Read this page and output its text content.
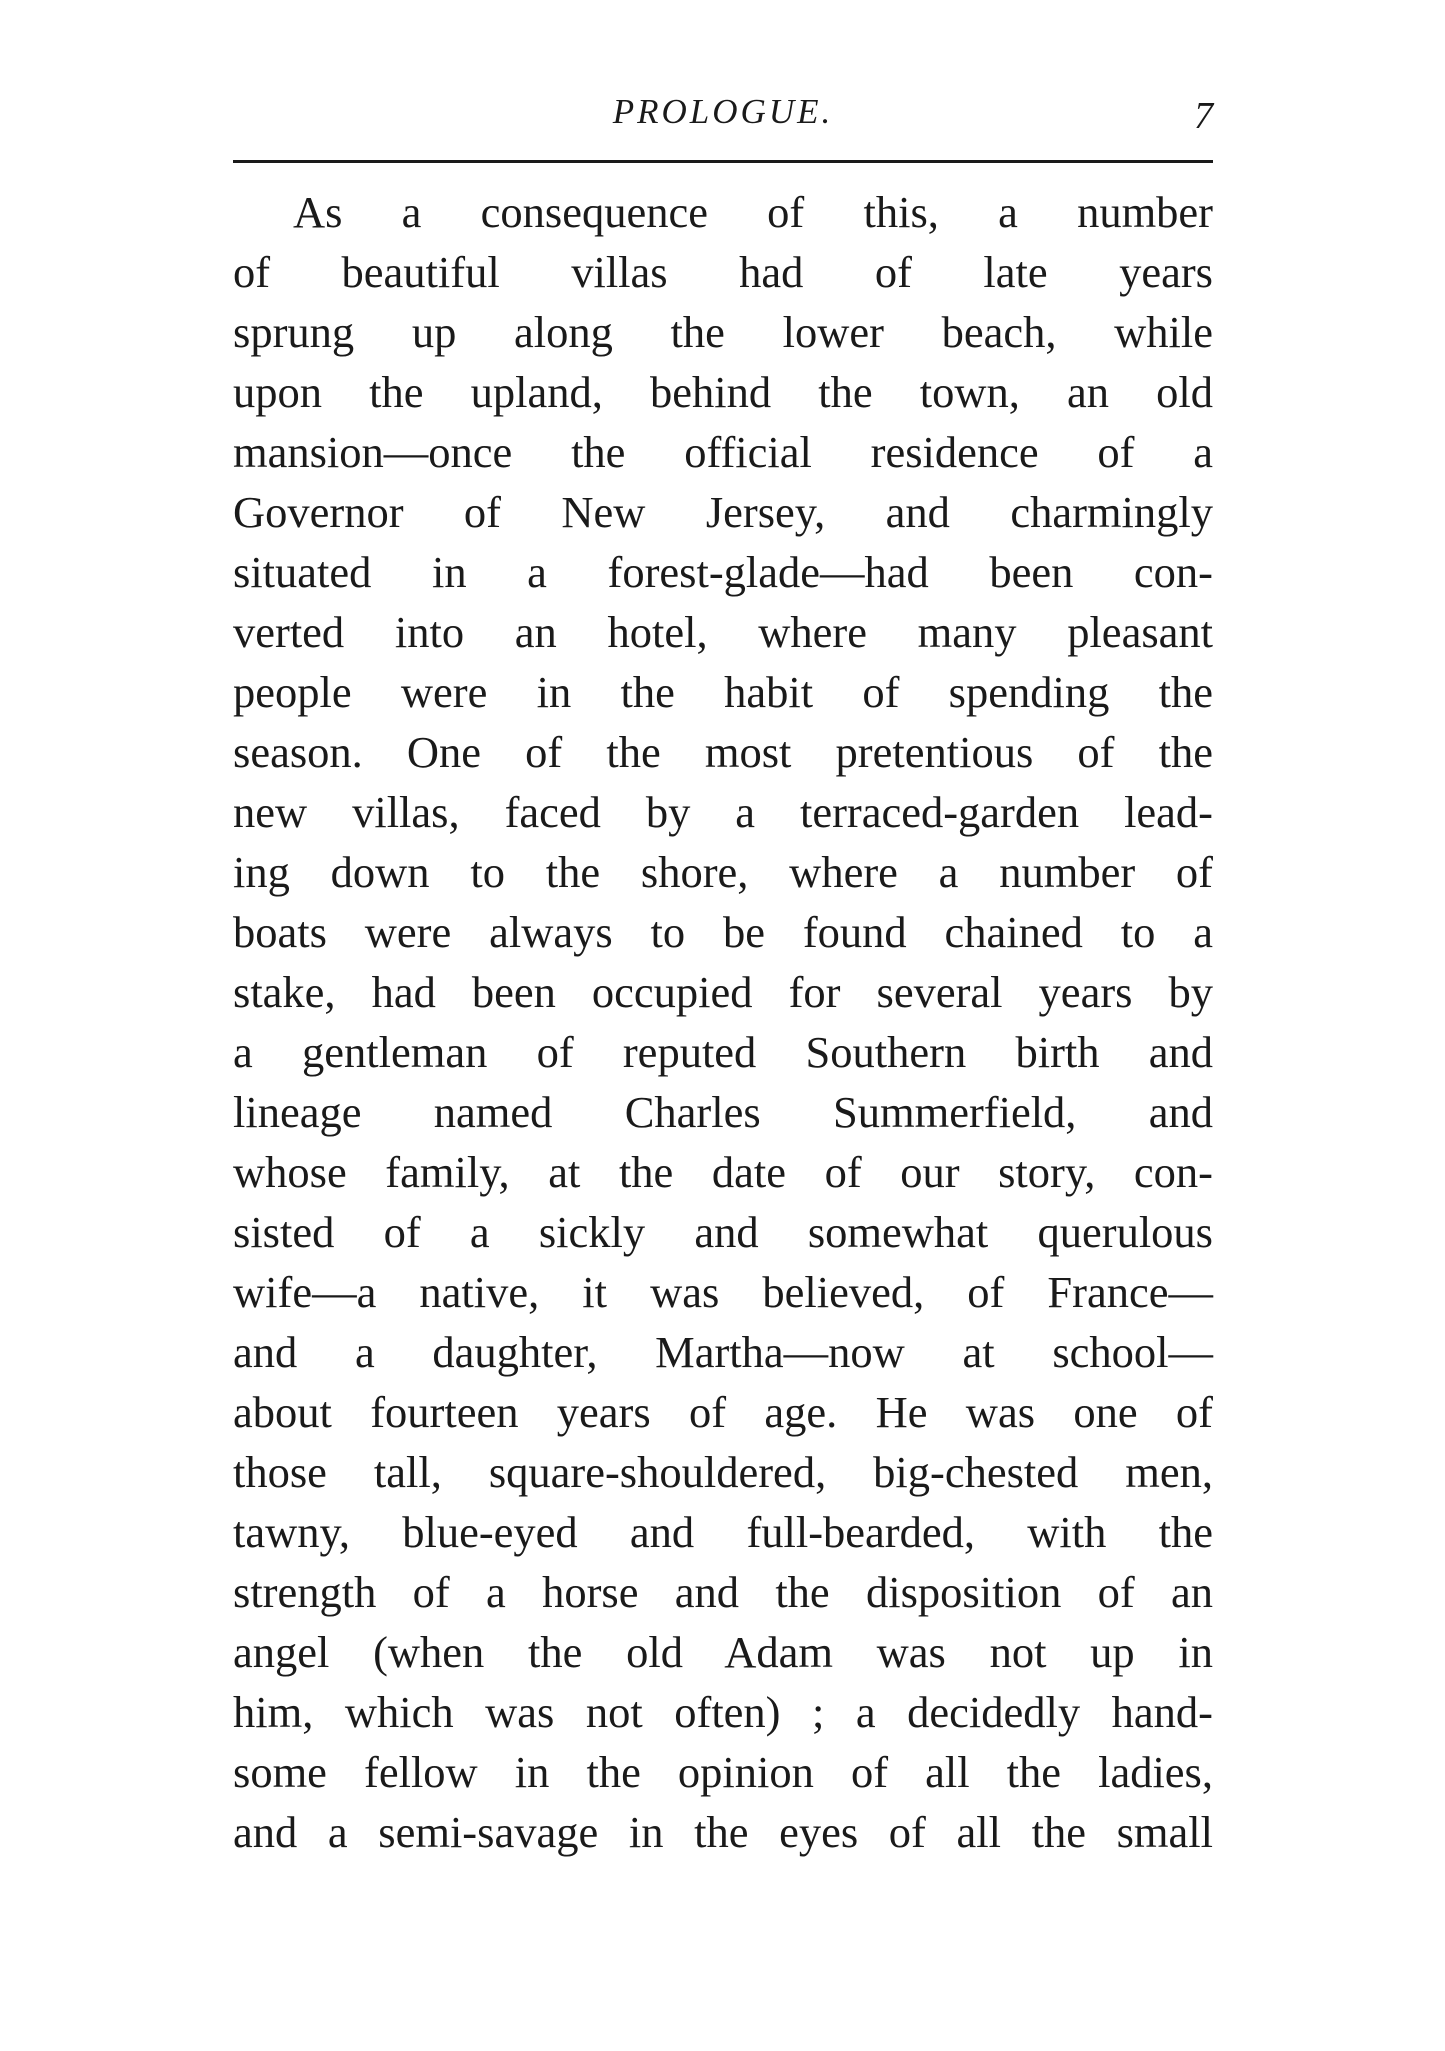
PROLOGUE.	7
As a consequence of this, a number
of beautiful villas had of late years
sprung up along the lower beach, while
upon the upland, behind the town, an old
mansion—once the official residence of a
Governor of New Jersey, and charmingly
situated in a forest-glade—had been con-
verted into an hotel, where many pleasant
people were in the habit of spending the
season. One of the most pretentious of the
new villas, faced by a terraced-garden lead-
ing down to the shore, where a number of
boats were always to be found chained to a
stake, had been occupied for several years by
a gentleman of reputed Southern birth and
lineage named Charles Summerfield, and
whose family, at the date of our story, con-
sisted of a sickly and somewhat querulous
wife—a native, it was believed, of France—
and a daughter, Martha—now at school—
about fourteen years of age. He was one of
those tall, square-shouldered, big-chested men,
tawny, blue-eyed and full-bearded, with the
strength of a horse and the disposition of an
angel (when the old Adam was not up in
him, which was not often) ; a decidedly hand-
some fellow in the opinion of all the ladies,
and a semi-savage in the eyes of all the small
